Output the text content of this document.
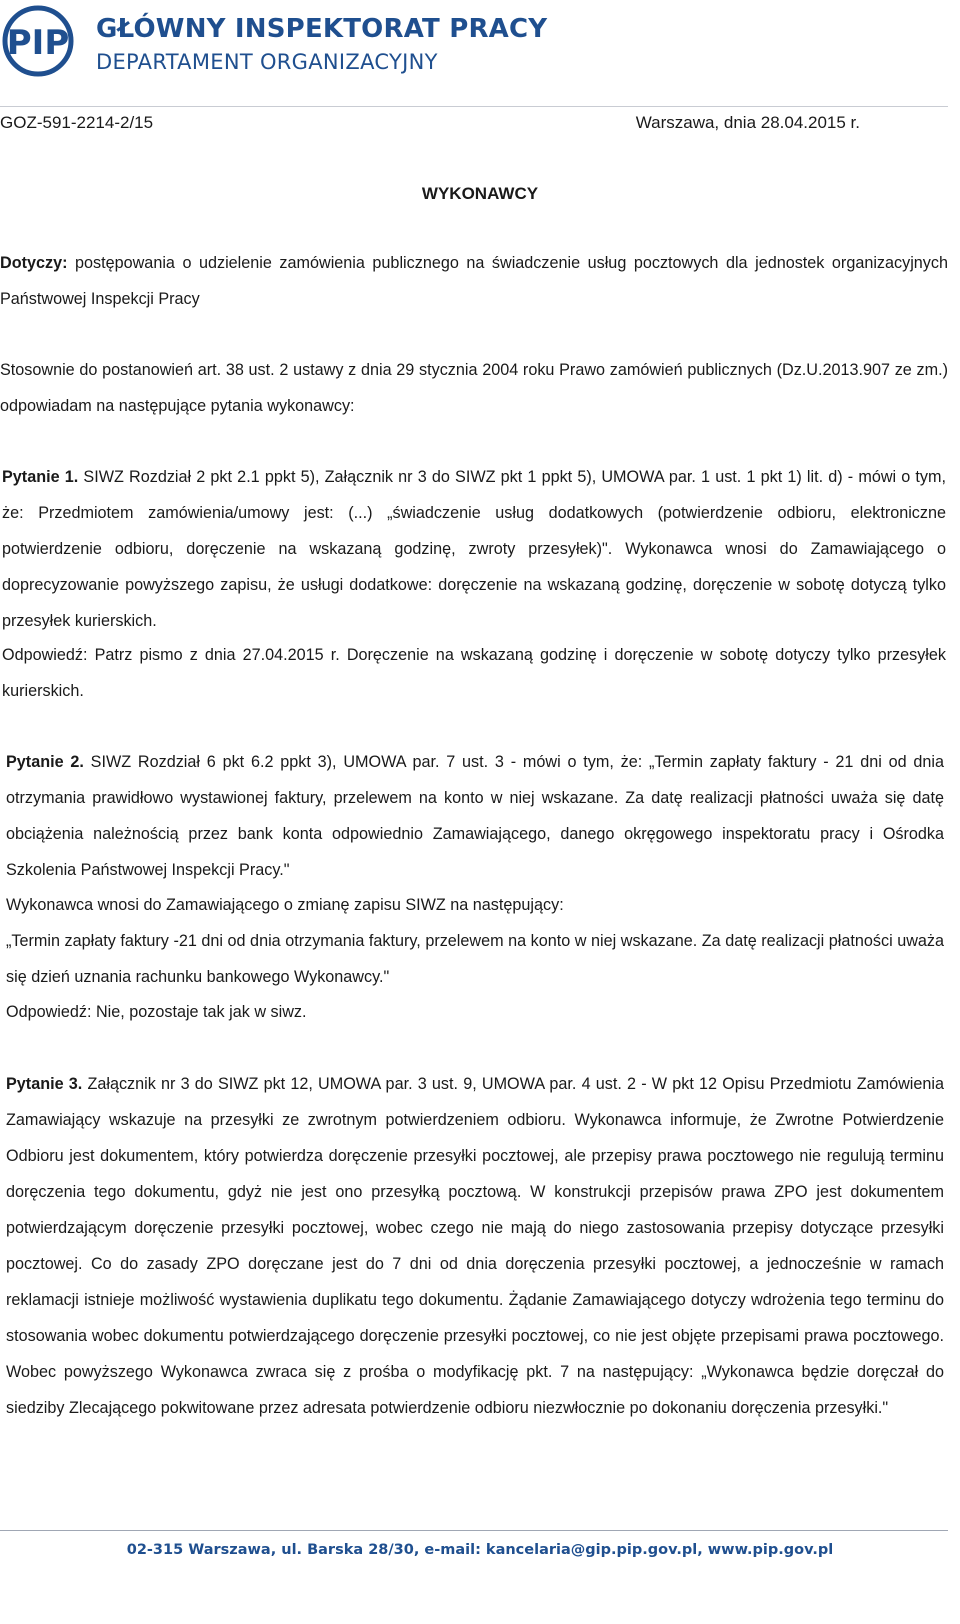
PIP GŁÓWNY INSPEKTORAT PRACY
DEPARTAMENT ORGANIZACYJNY
GOZ-591-2214-2/15	Warszawa, dnia 28.04.2015 r.
WYKONAWCY

Dotyczy: postępowania o udzielenie zamówienia publicznego na świadczenie usług pocztowych dla jednostek organizacyjnych Państwowej Inspekcji Pracy

Stosownie do postanowień art. 38 ust. 2 ustawy z dnia 29 stycznia 2004 roku Prawo zamówień publicznych (Dz.U.2013.907 ze zm.) odpowiadam na następujące pytania wykonawcy:

Pytanie 1. SIWZ Rozdział 2 pkt 2.1 ppkt 5), Załącznik nr 3 do SIWZ pkt 1 ppkt 5), UMOWA par. 1 ust. 1 pkt 1) lit. d) - mówi o tym, że: Przedmiotem zamówienia/umowy jest: (...) „świadczenie usług dodatkowych (potwierdzenie odbioru, elektroniczne potwierdzenie odbioru, doręczenie na wskazaną godzinę, zwroty przesyłek)". Wykonawca wnosi do Zamawiającego o doprecyzowanie powyższego zapisu, że usługi dodatkowe: doręczenie na wskazaną godzinę, doręczenie w sobotę dotyczą tylko przesyłek kurierskich.

Odpowiedź: Patrz pismo z dnia 27.04.2015 r. Doręczenie na wskazaną godzinę i doręczenie w sobotę dotyczy tylko przesyłek kurierskich.

Pytanie 2. SIWZ Rozdział 6 pkt 6.2 ppkt 3), UMOWA par. 7 ust. 3 - mówi o tym, że: „Termin zapłaty faktury - 21 dni od dnia otrzymania prawidłowo wystawionej faktury, przelewem na konto w niej wskazane. Za datę realizacji płatności uważa się datę obciążenia należnością przez bank konta odpowiednio Zamawiającego, danego okręgowego inspektoratu pracy i Ośrodka Szkolenia Państwowej Inspekcji Pracy."

Wykonawca wnosi do Zamawiającego o zmianę zapisu SIWZ na następujący:

„Termin zapłaty faktury -21 dni od dnia otrzymania faktury, przelewem na konto w niej wskazane. Za datę realizacji płatności uważa się dzień uznania rachunku bankowego Wykonawcy."

Odpowiedź: Nie, pozostaje tak jak w siwz.

Pytanie 3. Załącznik nr 3 do SIWZ pkt 12, UMOWA par. 3 ust. 9, UMOWA par. 4 ust. 2 - W pkt 12 Opisu Przedmiotu Zamówienia Zamawiający wskazuje na przesyłki ze zwrotnym potwierdzeniem odbioru. Wykonawca informuje, że Zwrotne Potwierdzenie Odbioru jest dokumentem, który potwierdza doręczenie przesyłki pocztowej, ale przepisy prawa pocztowego nie regulują terminu doręczenia tego dokumentu, gdyż nie jest ono przesyłką pocztową. W konstrukcji przepisów prawa ZPO jest dokumentem potwierdzającym doręczenie przesyłki pocztowej, wobec czego nie mają do niego zastosowania przepisy dotyczące przesyłki pocztowej. Co do zasady ZPO doręczane jest do 7 dni od dnia doręczenia przesyłki pocztowej, a jednocześnie w ramach reklamacji istnieje możliwość wystawienia duplikatu tego dokumentu. Żądanie Zamawiającego dotyczy wdrożenia tego terminu do stosowania wobec dokumentu potwierdzającego doręczenie przesyłki pocztowej, co nie jest objęte przepisami prawa pocztowego. Wobec powyższego Wykonawca zwraca się z prośba o modyfikację pkt. 7 na następujący: „Wykonawca będzie doręczał do siedziby Zlecającego pokwitowane przez adresata potwierdzenie odbioru niezwłocznie po dokonaniu doręczenia przesyłki."

02-315 Warszawa, ul. Barska 28/30, e-mail: kancelaria@gip.pip.gov.pl, www.pip.gov.pl
